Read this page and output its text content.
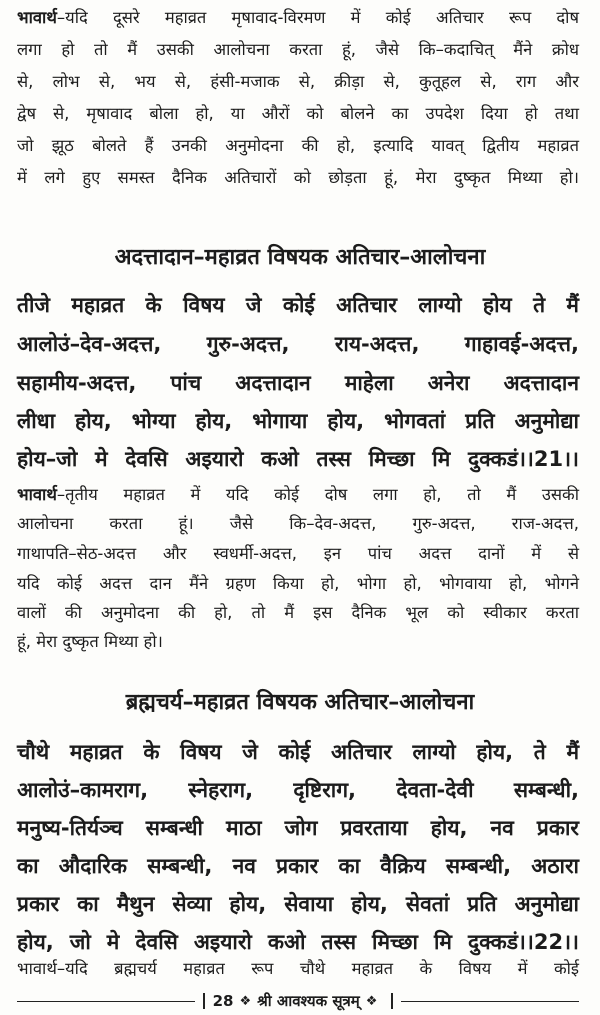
भावार्थ–यदि दूसरे महाव्रत मृषावाद-विरमण में कोई अतिचार रूप दोष
लगा हो तो मैं उसकी आलोचना करता हूं, जैसे कि–कदाचित् मैंने क्रोध
से, लोभ से, भय से, हंसी-मजाक से, क्रीड़ा से, कुतूहल से, राग और
द्वेष से, मृषावाद बोला हो, या औरों को बोलने का उपदेश दिया हो तथा
जो झूठ बोलते हैं उनकी अनुमोदना की हो, इत्यादि यावत् द्वितीय महाव्रत
में लगे हुए समस्त दैनिक अतिचारों को छोड़ता हूं, मेरा दुष्कृत मिथ्या हो।
अदत्तादान–महाव्रत विषयक अतिचार–आलोचना
तीजे महाव्रत के विषय जे कोई अतिचार लाग्यो होय ते मैं
आलोउं–देव-अदत्त, गुरु-अदत्त, राय-अदत्त, गाहावई-अदत्त,
सहामीय-अदत्त, पांच अदत्तादान माहेला अनेरा अदत्तादान
लीधा होय, भोग्या होय, भोगाया होय, भोगवतां प्रति अनुमोद्या
होय–जो मे देवसि अइयारो कओ तस्स मिच्छा मि दुक्कडं।।21।।
भावार्थ–तृतीय महाव्रत में यदि कोई दोष लगा हो, तो मैं उसकी
आलोचना करता हूं। जैसे कि–देव-अदत्त, गुरु-अदत्त, राज-अदत्त,
गाथापति–सेठ-अदत्त और स्वधर्मी-अदत्त, इन पांच अदत्त दानों में से
यदि कोई अदत्त दान मैंने ग्रहण किया हो, भोगा हो, भोगवाया हो, भोगने
वालों की अनुमोदना की हो, तो मैं इस दैनिक भूल को स्वीकार करता
हूं, मेरा दुष्कृत मिथ्या हो।
ब्रह्मचर्य–महाव्रत विषयक अतिचार–आलोचना
चौथे महाव्रत के विषय जे कोई अतिचार लाग्यो होय, ते मैं
आलोउं–कामराग, स्नेहराग, दृष्टिराग, देवता-देवी सम्बन्धी,
मनुष्य-तिर्यञ्च सम्बन्धी माठा जोग प्रवरताया होय, नव प्रकार
का औदारिक सम्बन्धी, नव प्रकार का वैक्रिय सम्बन्धी, अठारा
प्रकार का मैथुन सेव्या होय, सेवाया होय, सेवतां प्रति अनुमोद्या
होय, जो मे देवसि अइयारो कओ तस्स मिच्छा मि दुक्कडं।।22।।
भावार्थ–यदि ब्रह्मचर्य महाव्रत रूप चौथे महाव्रत के विषय में कोई
28 ❖ श्री आवश्यक सूत्रम् ❖
